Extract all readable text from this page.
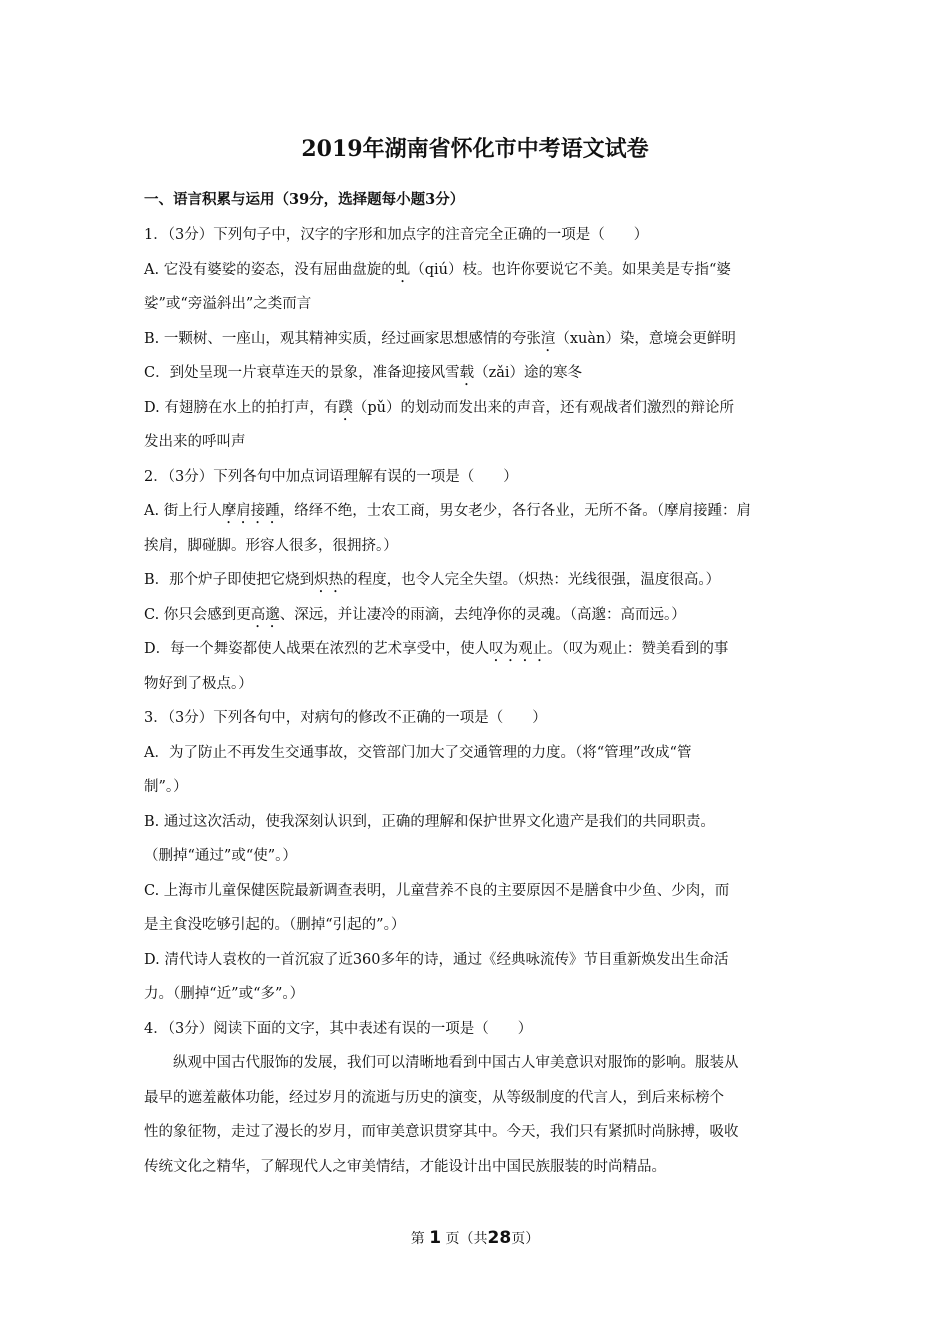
2019年湖南省怀化市中考语文试卷
一、语言积累与运用（39分，选择题每小题3分）
1．（3分）下列句子中，汉字的字形和加点字的注音完全正确的一项是（　　）
A. 它没有婆娑的姿态，没有屈曲盘旋的虬（qiú）枝。也许你要说它不美。如果美是专指“婆
娑”或“旁溢斜出”之类而言
B. 一颗树、一座山，观其精神实质，经过画家思想感情的夸张渲（xuàn）染，意境会更鲜明
C．到处呈现一片衰草连天的景象，准备迎接风雪载（zǎi）途的寒冬
D. 有翅膀在水上的拍打声，有蹼（pǔ）的划动而发出来的声音，还有观战者们激烈的辩论所
发出来的呼叫声
2．（3分）下列各句中加点词语理解有误的一项是（　　）
A. 街上行人摩肩接踵，络绎不绝，士农工商，男女老少，各行各业，无所不备。（摩肩接踵：肩
挨肩，脚碰脚。形容人很多，很拥挤。）
B．那个炉子即使把它烧到炽热的程度，也令人完全失望。（炽热：光线很强，温度很高。）
C. 你只会感到更高邈、深远，并让凄冷的雨滴，去纯净你的灵魂。（高邈：高而远。）
D．每一个舞姿都使人战栗在浓烈的艺术享受中，使人叹为观止。（叹为观止：赞美看到的事
物好到了极点。）
3．（3分）下列各句中，对病句的修改不正确的一项是（　　）
A．为了防止不再发生交通事故，交管部门加大了交通管理的力度。（将“管理”改成“管
制”。）
B. 通过这次活动，使我深刻认识到，正确的理解和保护世界文化遗产是我们的共同职责。
（删掉“通过”或“使”。）
C. 上海市儿童保健医院最新调查表明，儿童营养不良的主要原因不是膳食中少鱼、少肉，而
是主食没吃够引起的。（删掉“引起的”。）
D. 清代诗人袁枚的一首沉寂了近360多年的诗，通过《经典咏流传》节目重新焕发出生命活
力。（删掉“近”或“多”。）
4．（3分）阅读下面的文字，其中表述有误的一项是（　　）
纵观中国古代服饰的发展，我们可以清晰地看到中国古人审美意识对服饰的影响。服装从
最早的遮羞蔽体功能，经过岁月的流逝与历史的演变，从等级制度的代言人，到后来标榜个
性的象征物，走过了漫长的岁月，而审美意识贯穿其中。今天，我们只有紧抓时尚脉搏，吸收
传统文化之精华，了解现代人之审美情结，才能设计出中国民族服装的时尚精品。
第 1 页（共28页）
